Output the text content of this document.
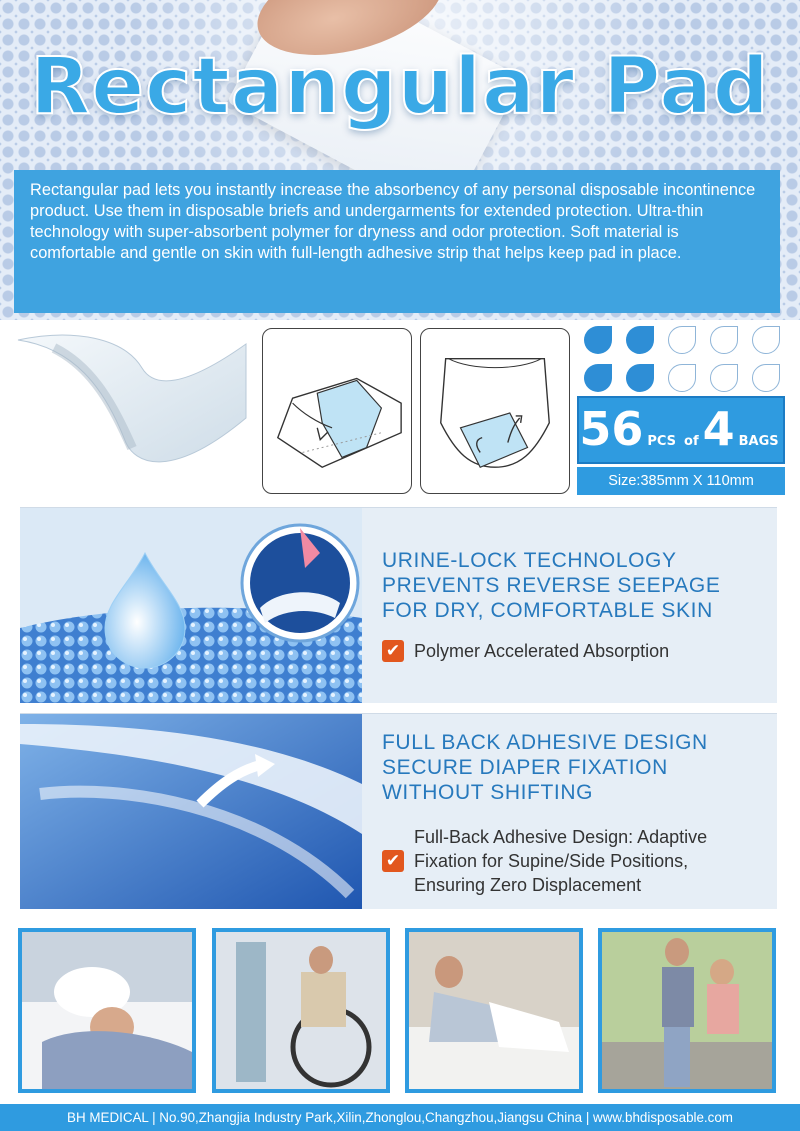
Rectangular Pad
Rectangular pad lets you instantly increase the absorbency of any personal disposable incontinence product. Use them in disposable briefs and undergarments for extended protection. Ultra-thin technology with super-absorbent polymer for dryness and odor protection. Soft material is comfortable and gentle on skin with full-length adhesive strip that helps keep pad in place.
56 PCS of 4 BAGS
Size:385mm X 110mm
URINE-LOCK TECHNOLOGY
PREVENTS REVERSE SEEPAGE
FOR DRY, COMFORTABLE SKIN
✔ Polymer Accelerated Absorption
FULL BACK ADHESIVE DESIGN
SECURE DIAPER FIXATION
WITHOUT SHIFTING
✔
Full-Back Adhesive Design: Adaptive
Fixation for Supine/Side Positions,
Ensuring Zero Displacement
BH MEDICAL | No.90,Zhangjia Industry Park,Xilin,Zhonglou,Changzhou,Jiangsu China | www.bhdisposable.com
